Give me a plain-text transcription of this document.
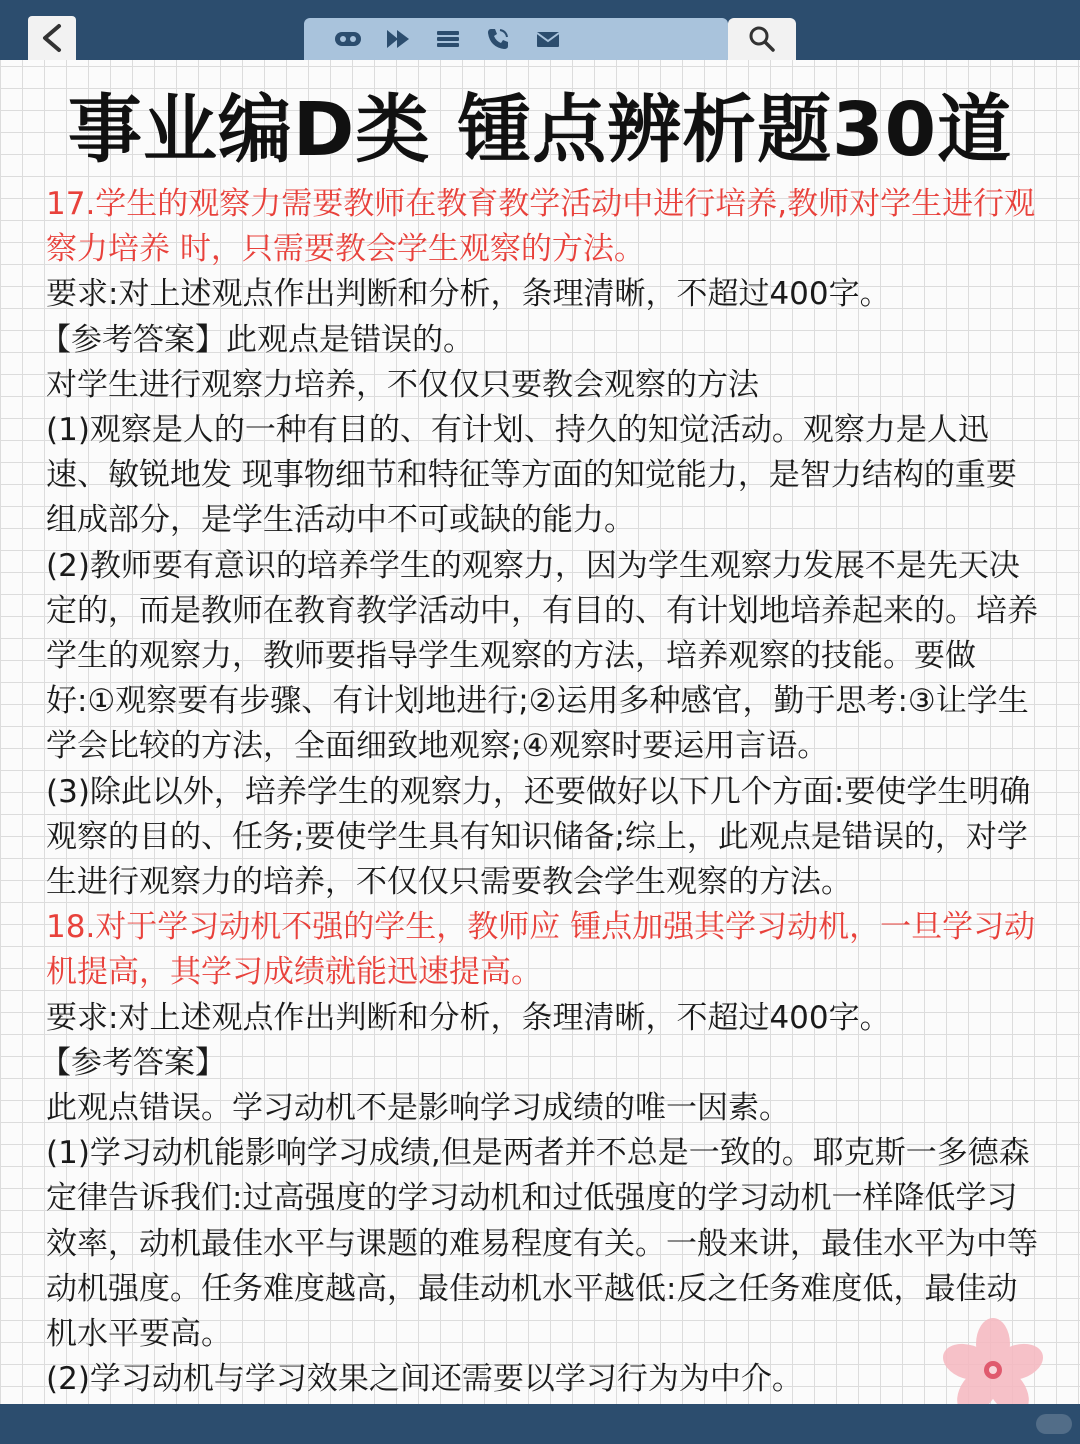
事业编D类 锺点辨析题30道

17.学生的观察力需要教师在教育教学活动中进行培养,教师对学生进行观察力培养 时，只需要教会学生观察的方法。

要求:对上述观点作出判断和分析，条理清晰，不超过400字。

【参考答案】此观点是错误的。

对学生进行观察力培养，不仅仅只要教会观察的方法

(1)观察是人的一种有目的、有计划、持久的知觉活动。观察力是人迅速、敏锐地发 现事物细节和特征等方面的知觉能力，是智力结构的重要组成部分，是学生活动中不可或缺的能力。

(2)教师要有意识的培养学生的观察力，因为学生观察力发展不是先天决定的，而是教师在教育教学活动中，有目的、有计划地培养起来的。培养学生的观察力，教师要指导学生观察的方法，培养观察的技能。要做好:①观察要有步骤、有计划地进行;②运用多种感官，勤于思考:③让学生学会比较的方法，全面细致地观察;④观察时要运用言语。

(3)除此以外，培养学生的观察力，还要做好以下几个方面:要使学生明确观察的目的、任务;要使学生具有知识储备;综上，此观点是错误的，对学生进行观察力的培养，不仅仅只需要教会学生观察的方法。

18.对于学习动机不强的学生，教师应 锺点加强其学习动机，一旦学习动机提高，其学习成绩就能迅速提高。

要求:对上述观点作出判断和分析，条理清晰，不超过400字。

【参考答案】

此观点错误。学习动机不是影响学习成绩的唯一因素。

(1)学习动机能影响学习成绩,但是两者并不总是一致的。耶克斯一多德森定律告诉我们:过高强度的学习动机和过低强度的学习动机一样降低学习效率，动机最佳水平与课题的难易程度有关。一般来讲，最佳水平为中等动机强度。任务难度越高，最佳动机水平越低:反之任务难度低，最佳动机水平要高。

(2)学习动机与学习效果之间还需要以学习行为为中介。
